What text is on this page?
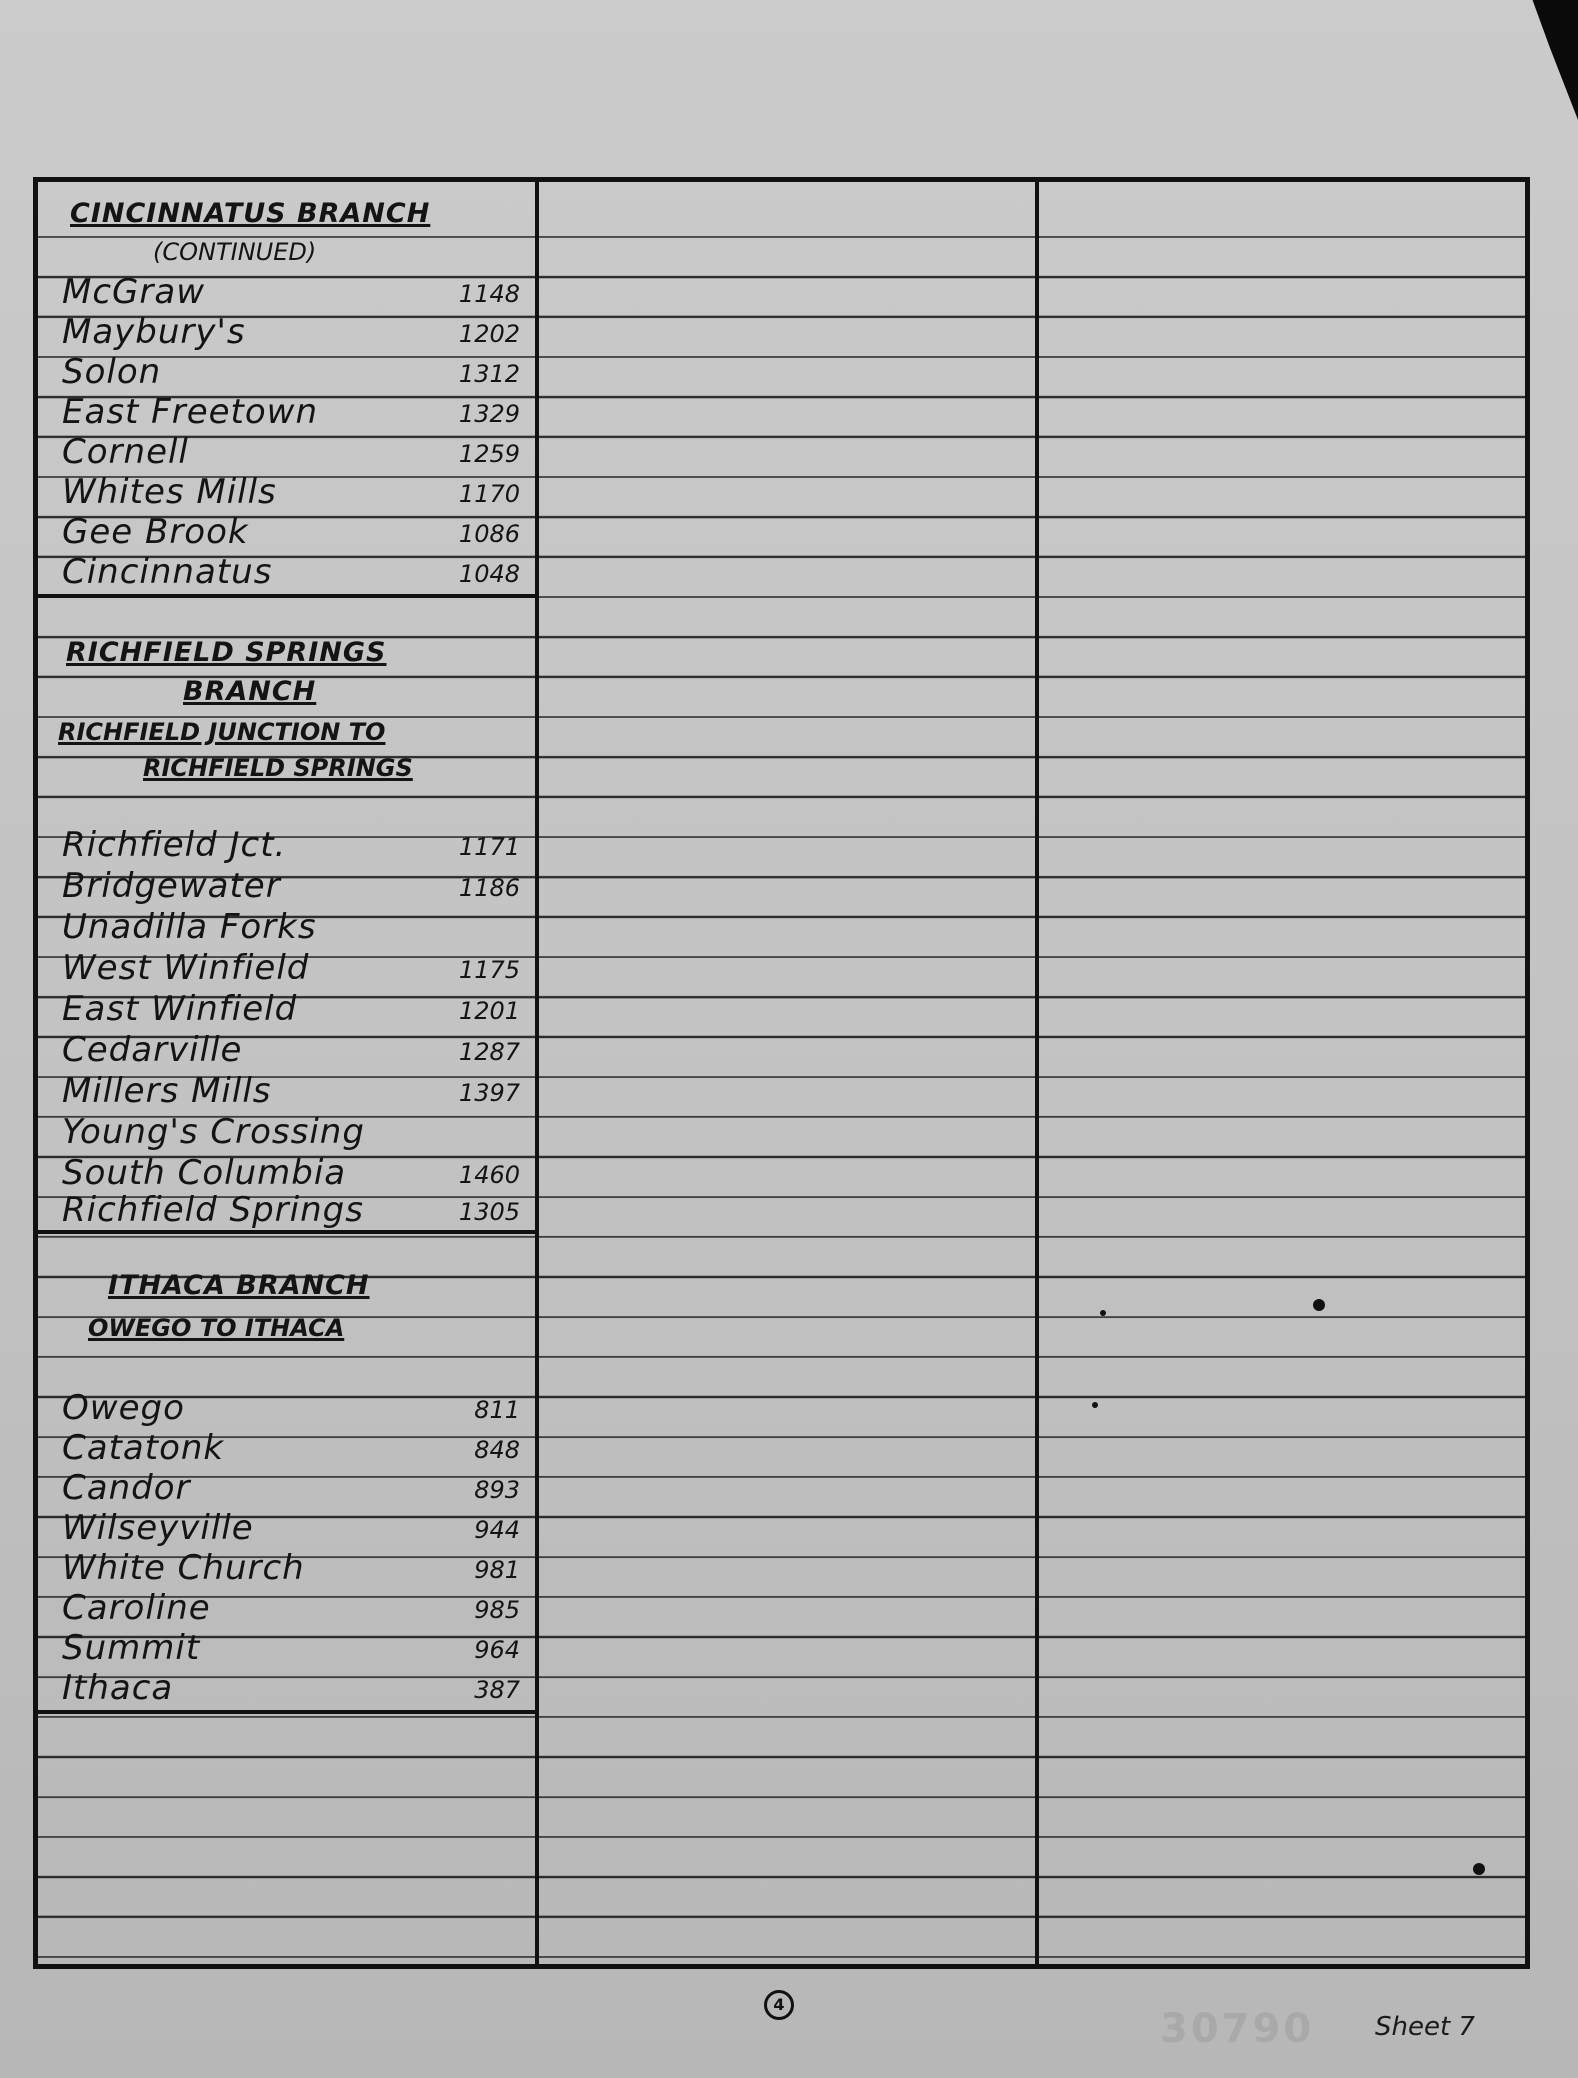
CINCINNATUS BRANCH
(CONTINUED)
McGraw	1148
Maybury's	1202
Solon	1312
East Freetown	1329
Cornell	1259
Whites Mills	1170
Gee Brook	1086
Cincinnatus	1048
RICHFIELD SPRINGS
BRANCH
RICHFIELD JUNCTION TO
RICHFIELD SPRINGS
Richfield Jct.	1171
Bridgewater	1186
Unadilla Forks
West Winfield	1175
East Winfield	1201
Cedarville	1287
Millers Mills	1397
Young's Crossing
South Columbia	1460
Richfield Springs	1305
ITHACA BRANCH
OWEGO TO ITHACA
Owego	811
Catatonk	848
Candor	893
Wilseyville	944
White Church	981
Caroline	985
Summit	964
Ithaca	387
4
30790 Sheet 7
